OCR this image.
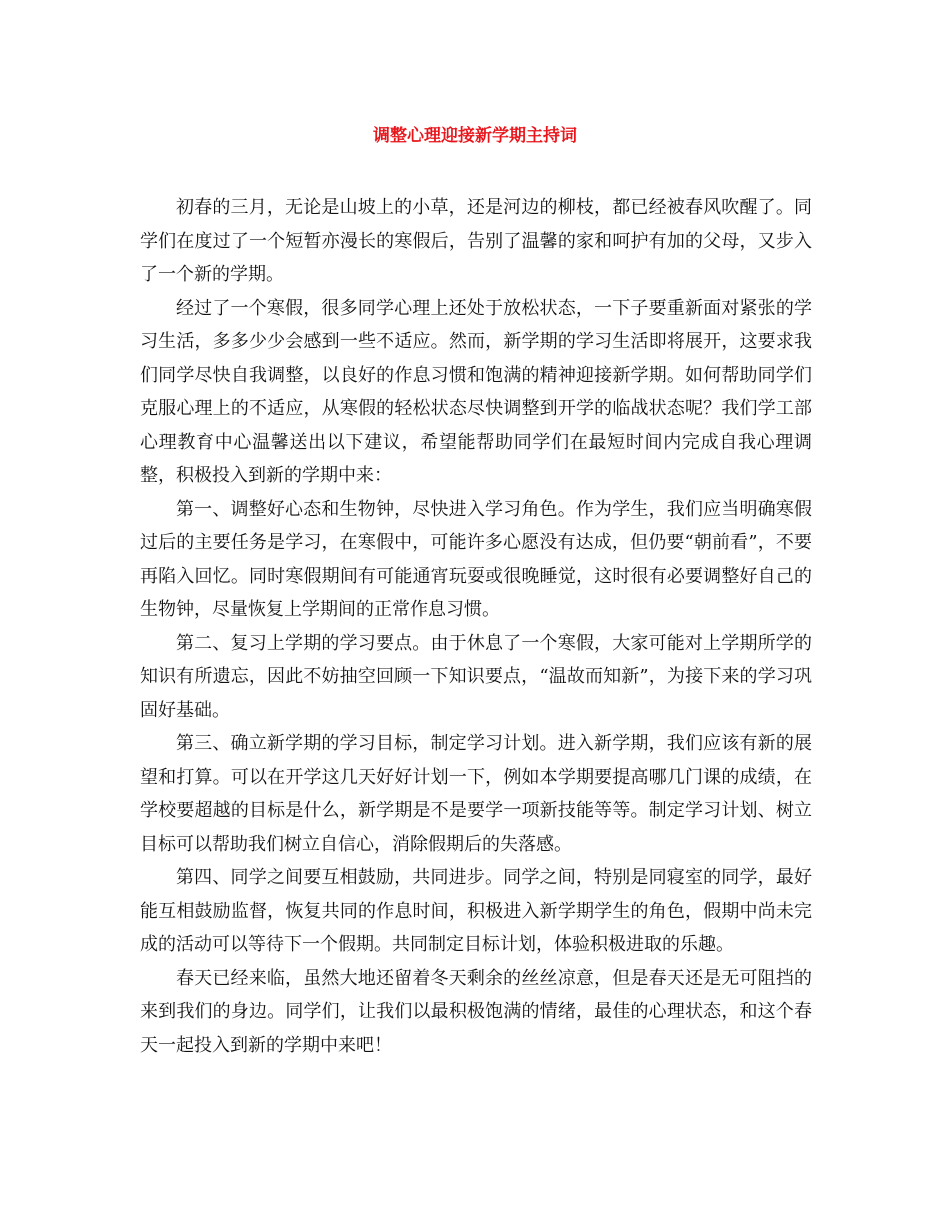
调整心理迎接新学期主持词

初春的三月，无论是山坡上的小草，还是河边的柳枝，都已经被春风吹醒了。同学们在度过了一个短暂亦漫长的寒假后，告别了温馨的家和呵护有加的父母，又步入了一个新的学期。

经过了一个寒假，很多同学心理上还处于放松状态，一下子要重新面对紧张的学习生活，多多少少会感到一些不适应。然而，新学期的学习生活即将展开，这要求我们同学尽快自我调整，以良好的作息习惯和饱满的精神迎接新学期。如何帮助同学们克服心理上的不适应，从寒假的轻松状态尽快调整到开学的临战状态呢？我们学工部心理教育中心温馨送出以下建议，希望能帮助同学们在最短时间内完成自我心理调整，积极投入到新的学期中来：

第一、调整好心态和生物钟，尽快进入学习角色。作为学生，我们应当明确寒假过后的主要任务是学习，在寒假中，可能许多心愿没有达成，但仍要“朝前看”，不要再陷入回忆。同时寒假期间有可能通宵玩耍或很晚睡觉，这时很有必要调整好自己的生物钟，尽量恢复上学期间的正常作息习惯。

第二、复习上学期的学习要点。由于休息了一个寒假，大家可能对上学期所学的知识有所遗忘，因此不妨抽空回顾一下知识要点，“温故而知新”，为接下来的学习巩固好基础。

第三、确立新学期的学习目标，制定学习计划。进入新学期，我们应该有新的展望和打算。可以在开学这几天好好计划一下，例如本学期要提高哪几门课的成绩，在学校要超越的目标是什么，新学期是不是要学一项新技能等等。制定学习计划、树立目标可以帮助我们树立自信心，消除假期后的失落感。

第四、同学之间要互相鼓励，共同进步。同学之间，特别是同寝室的同学，最好能互相鼓励监督，恢复共同的作息时间，积极进入新学期学生的角色，假期中尚未完成的活动可以等待下一个假期。共同制定目标计划，体验积极进取的乐趣。

春天已经来临，虽然大地还留着冬天剩余的丝丝凉意，但是春天还是无可阻挡的来到我们的身边。同学们，让我们以最积极饱满的情绪，最佳的心理状态，和这个春天一起投入到新的学期中来吧！
